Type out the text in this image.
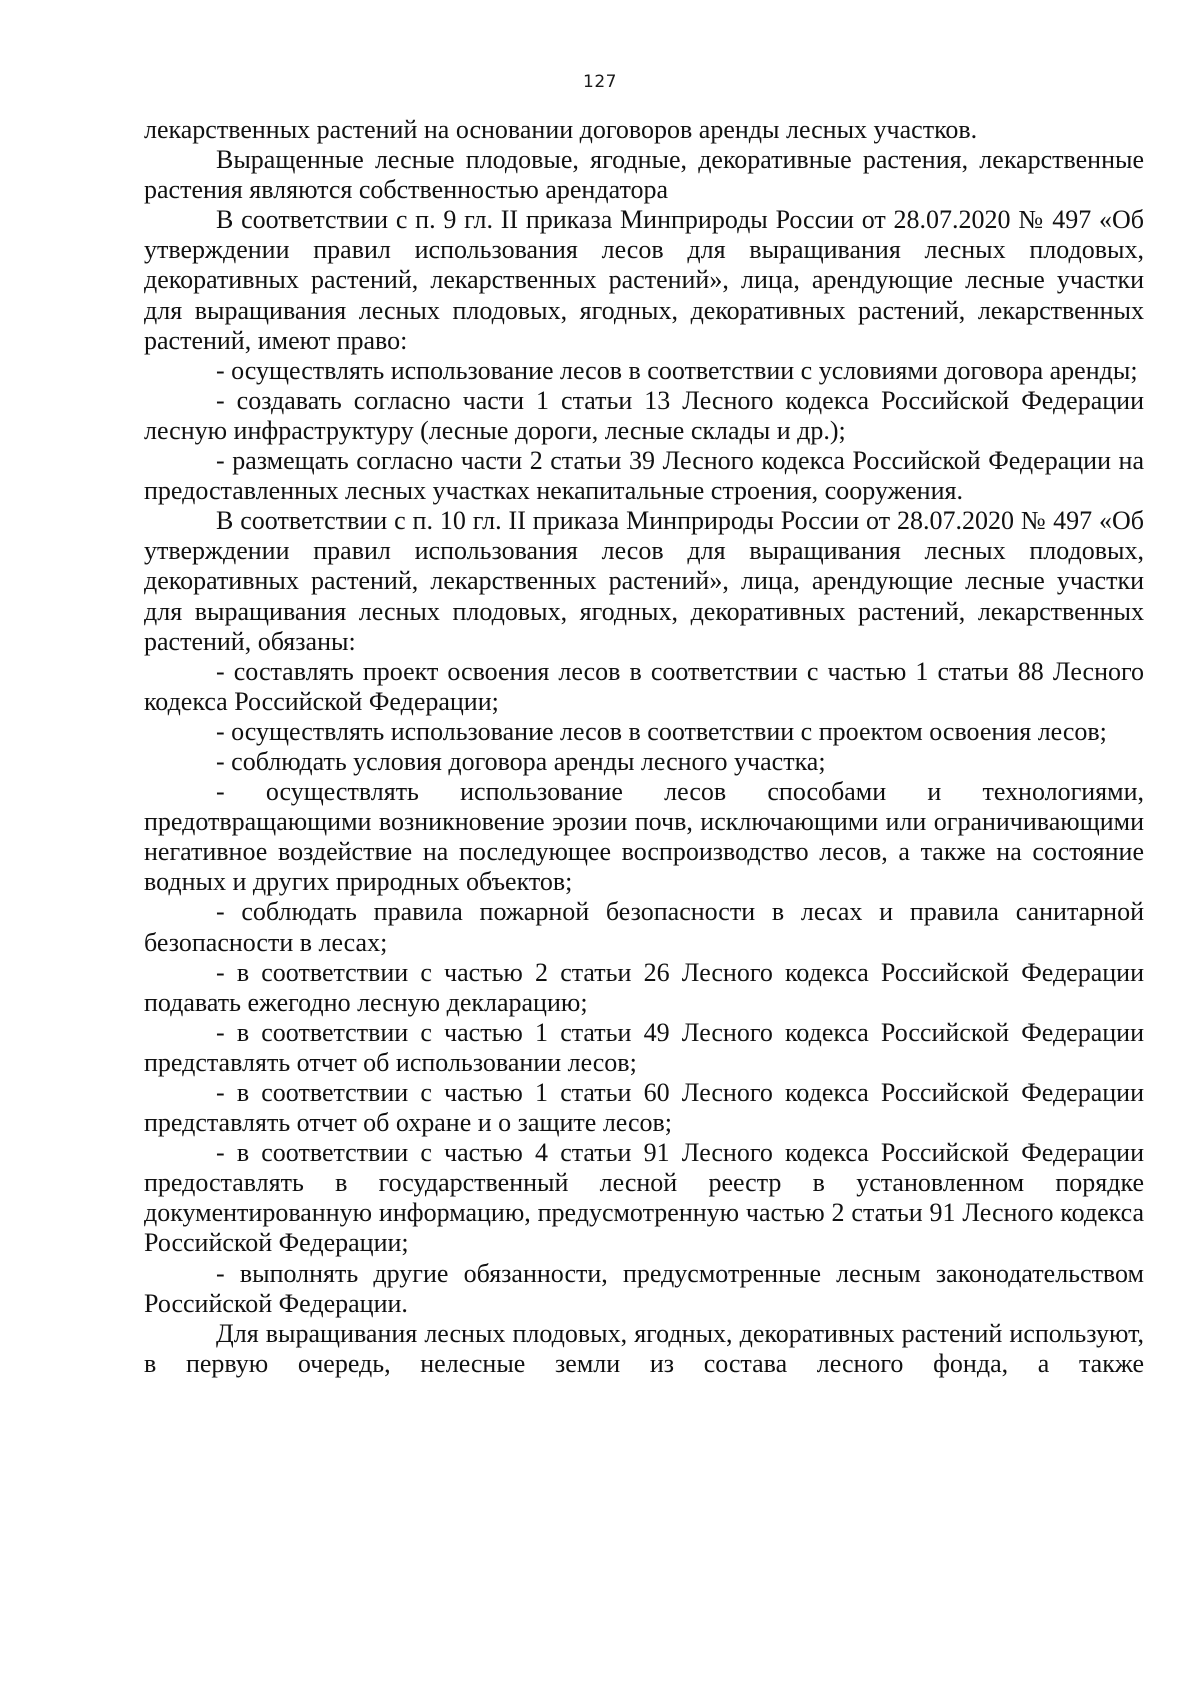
127

лекарственных растений на основании договоров аренды лесных участков.

Выращенные лесные плодовые, ягодные, декоративные растения, лекарственные растения являются собственностью арендатора

В соответствии с п. 9 гл. II приказа Минприроды России от 28.07.2020 № 497 «Об утверждении правил использования лесов для выращивания лесных плодовых, декоративных растений, лекарственных растений», лица, арендующие лесные участки для выращивания лесных плодовых, ягодных, декоративных растений, лекарственных растений, имеют право:

- осуществлять использование лесов в соответствии с условиями договора аренды;

- создавать согласно части 1 статьи 13 Лесного кодекса Российской Федерации лесную инфраструктуру (лесные дороги, лесные склады и др.);

- размещать согласно части 2 статьи 39 Лесного кодекса Российской Федерации на предоставленных лесных участках некапитальные строения, сооружения.

В соответствии с п. 10 гл. II приказа Минприроды России от 28.07.2020 № 497 «Об утверждении правил использования лесов для выращивания лесных плодовых, декоративных растений, лекарственных растений», лица, арендующие лесные участки для выращивания лесных плодовых, ягодных, декоративных растений, лекарственных растений, обязаны:

- составлять проект освоения лесов в соответствии с частью 1 статьи 88 Лесного кодекса Российской Федерации;

- осуществлять использование лесов в соответствии с проектом освоения лесов;

- соблюдать условия договора аренды лесного участка;

- осуществлять использование лесов способами и технологиями, предотвращающими возникновение эрозии почв, исключающими или ограничивающими негативное воздействие на последующее воспроизводство лесов, а также на состояние водных и других природных объектов;

- соблюдать правила пожарной безопасности в лесах и правила санитарной безопасности в лесах;

- в соответствии с частью 2 статьи 26 Лесного кодекса Российской Федерации подавать ежегодно лесную декларацию;

- в соответствии с частью 1 статьи 49 Лесного кодекса Российской Федерации представлять отчет об использовании лесов;

- в соответствии с частью 1 статьи 60 Лесного кодекса Российской Федерации представлять отчет об охране и о защите лесов;

- в соответствии с частью 4 статьи 91 Лесного кодекса Российской Федерации предоставлять в государственный лесной реестр в установленном порядке документированную информацию, предусмотренную частью 2 статьи 91 Лесного кодекса Российской Федерации;

- выполнять другие обязанности, предусмотренные лесным законодательством Российской Федерации.

Для выращивания лесных плодовых, ягодных, декоративных растений используют, в первую очередь, нелесные земли из состава лесного фонда, а также
